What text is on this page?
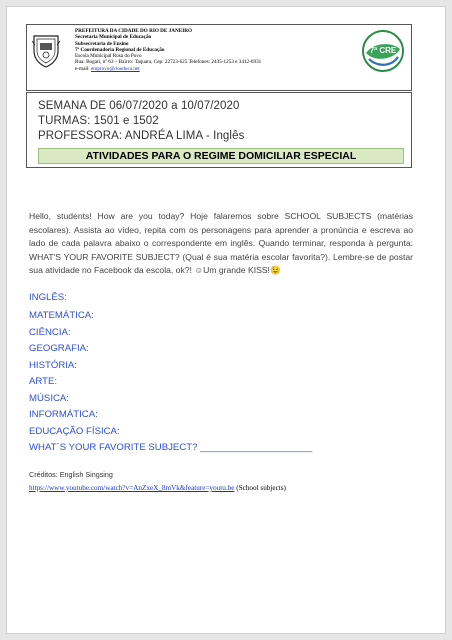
PREFEITURA DA CIDADE DO RIO DE JANEIRO
Secretaria Municipal de Educação
Subsecretaria de Ensino
7ª Coordenadoria Regional de Educação
Escola Municipal Rosa do Povo
Rua: Bogari, nº 63 – Bairro: Taquara, Cep: 22723-625 Telefones: 2435-1253 e 3412-6931
e-mail: emprovo@rioeduca.net
7ª CRE
SEMANA DE 06/07/2020 a 10/07/2020
TURMAS: 1501 e 1502
PROFESSORA: ANDRÉA LIMA - Inglês
ATIVIDADES PARA O REGIME DOMICILIAR ESPECIAL
Hello, students! How are you today? Hoje falaremos sobre SCHOOL SUBJECTS (matérias escolares). Assista ao vídeo, repita com os personagens para aprender a pronúncia e escreva ao lado de cada palavra abaixo o correspondente em inglês. Quando terminar, responda à pergunta: WHAT'S YOUR FAVORITE SUBJECT? (Qual é sua matéria escolar favorita?). Lembre-se de postar sua atividade no Facebook da escola, ok?! ☺Um grande KISS!😉
INGLÊS:
MATEMÁTICA:
CIÊNCIA:
GEOGRAFIA:
HISTÓRIA:
ARTE:
MÚSICA:
INFORMÁTICA:
EDUCAÇÃO FÍSICA:
WHAT´S YOUR FAVORITE SUBJECT? _____________________
Créditos: English Singsing
https://www.youtube.com/watch?v=AnZxeX_8mVk&feature=youtu.be (School subjects)
